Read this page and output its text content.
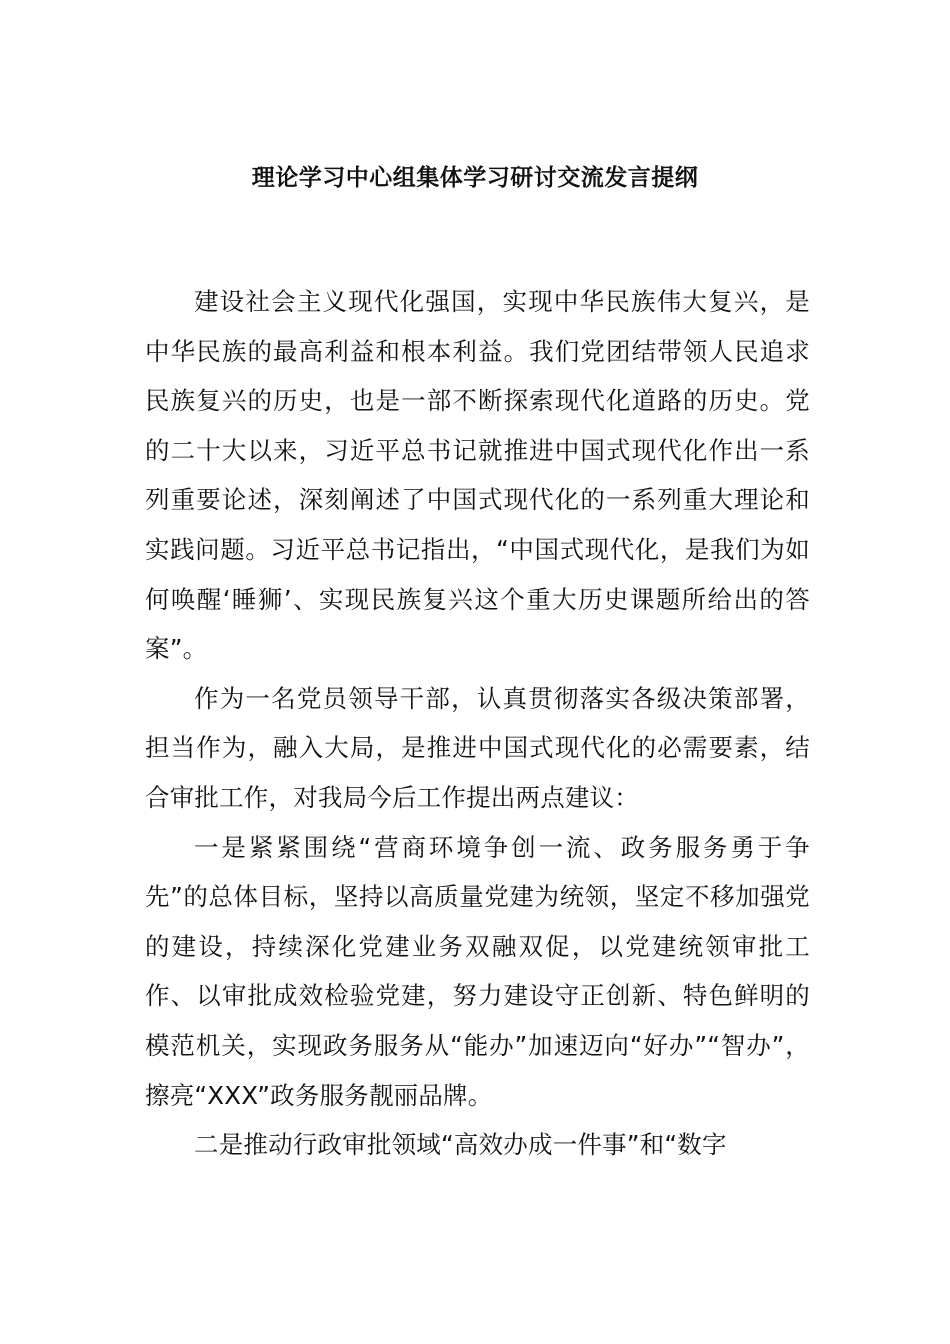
理论学习中心组集体学习研讨交流发言提纲

建设社会主义现代化强国，实现中华民族伟大复兴，是中华民族的最高利益和根本利益。我们党团结带领人民追求民族复兴的历史，也是一部不断探索现代化道路的历史。党的二十大以来，习近平总书记就推进中国式现代化作出一系列重要论述，深刻阐述了中国式现代化的一系列重大理论和实践问题。习近平总书记指出，“中国式现代化，是我们为如何唤醒‘睡狮’、实现民族复兴这个重大历史课题所给出的答案”。

作为一名党员领导干部，认真贯彻落实各级决策部署，担当作为，融入大局，是推进中国式现代化的必需要素，结合审批工作，对我局今后工作提出两点建议：

一是紧紧围绕“营商环境争创一流、政务服务勇于争先”的总体目标，坚持以高质量党建为统领，坚定不移加强党的建设，持续深化党建业务双融双促，以党建统领审批工作、以审批成效检验党建，努力建设守正创新、特色鲜明的模范机关，实现政务服务从“能办”加速迈向“好办”“智办”，擦亮“XXX”政务服务靓丽品牌。

二是推动行政审批领域“高效办成一件事”和“数字
